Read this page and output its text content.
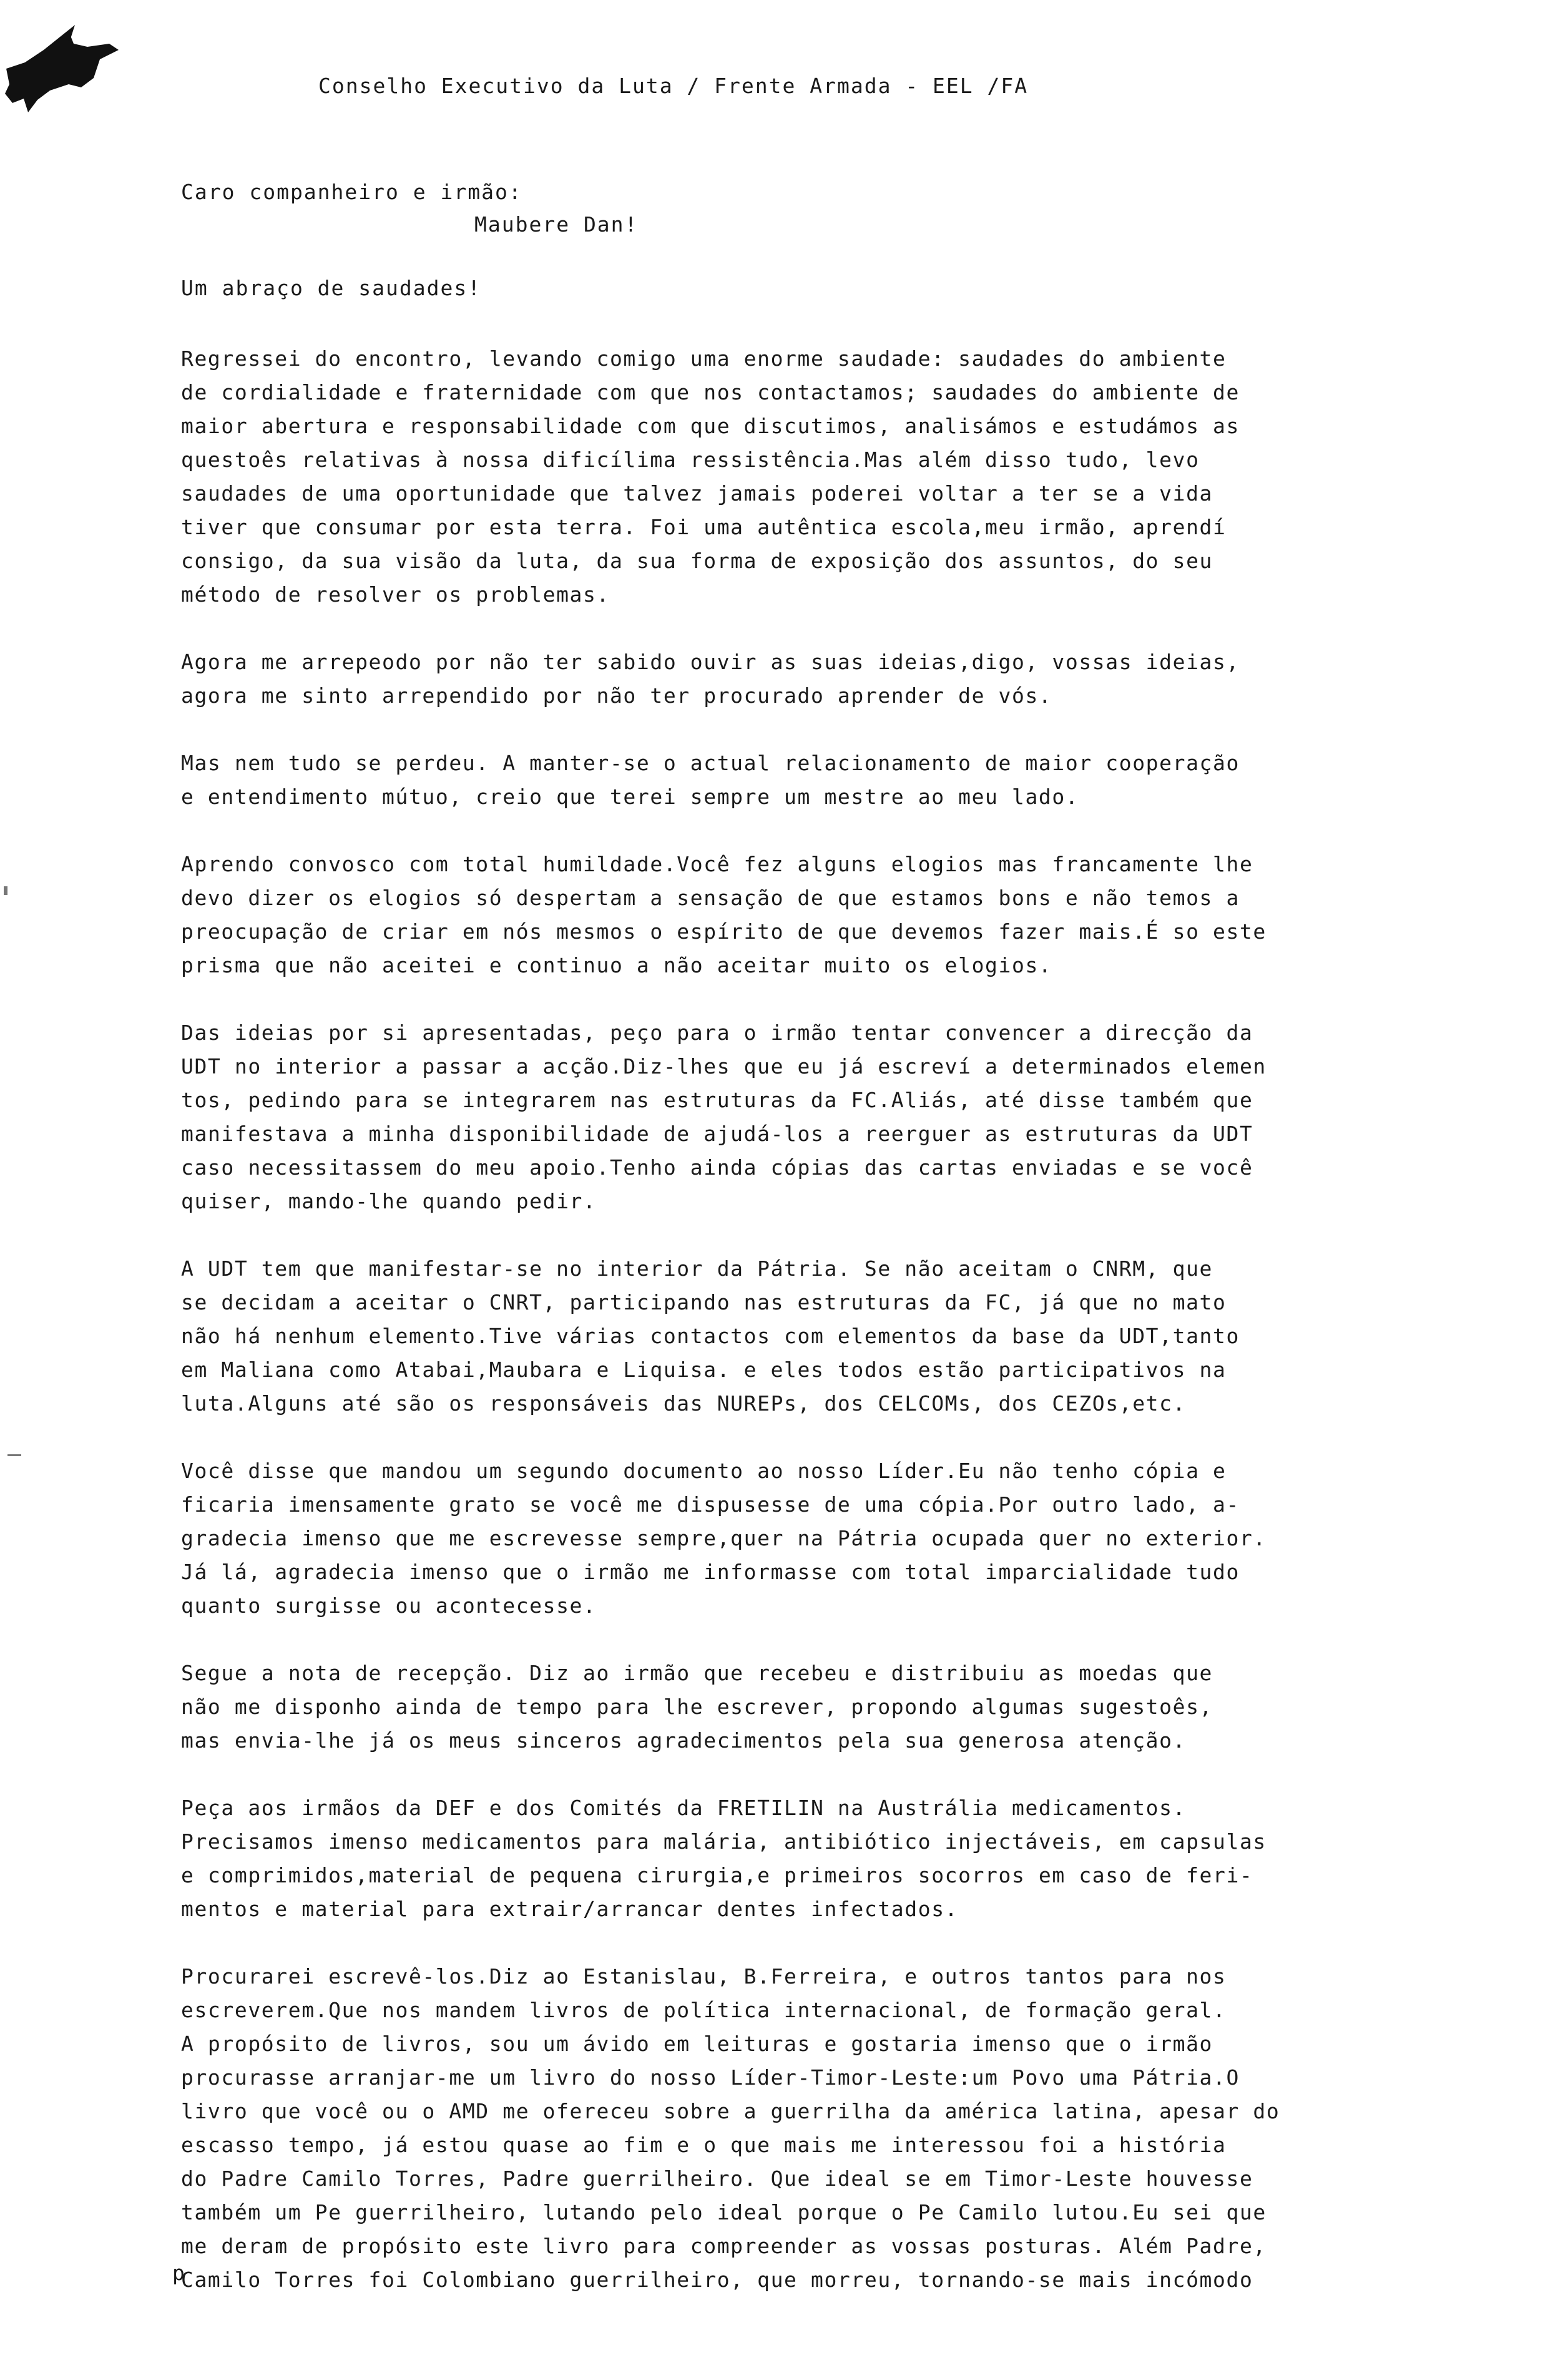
Conselho Executivo da Luta / Frente Armada - EEL /FA
Caro companheiro e irmão:
Maubere Dan!
Um abraço de saudades!
Regressei do encontro, levando comigo uma enorme saudade: saudades do ambiente
de cordialidade e fraternidade com que nos contactamos; saudades do ambiente de
maior abertura e responsabilidade com que discutimos, analisámos e estudámos as
questoês relativas à nossa dificílima ressistência.Mas além disso tudo, levo
saudades de uma oportunidade que talvez jamais poderei voltar a ter se a vida
tiver que consumar por esta terra. Foi uma autêntica escola,meu irmão, aprendí
consigo, da sua visão da luta, da sua forma de exposição dos assuntos, do seu
método de resolver os problemas.
Agora me arrepeodo por não ter sabido ouvir as suas ideias,digo, vossas ideias,
agora me sinto arrependido por não ter procurado aprender de vós.
Mas nem tudo se perdeu. A manter-se o actual relacionamento de maior cooperação
e entendimento mútuo, creio que terei sempre um mestre ao meu lado.
Aprendo convosco com total humildade.Você fez alguns elogios mas francamente lhe
devo dizer os elogios só despertam a sensação de que estamos bons e não temos a
preocupação de criar em nós mesmos o espírito de que devemos fazer mais.É so este
prisma que não aceitei e continuo a não aceitar muito os elogios.
Das ideias por si apresentadas, peço para o irmão tentar convencer a direcção da
UDT no interior a passar a acção.Diz-lhes que eu já escreví a determinados elemen
tos, pedindo para se integrarem nas estruturas da FC.Aliás, até disse também que
manifestava a minha disponibilidade de ajudá-los a reerguer as estruturas da UDT
caso necessitassem do meu apoio.Tenho ainda cópias das cartas enviadas e se você
quiser, mando-lhe quando pedir.
A UDT tem que manifestar-se no interior da Pátria. Se não aceitam o CNRM, que
se decidam a aceitar o CNRT, participando nas estruturas da FC, já que no mato
não há nenhum elemento.Tive várias contactos com elementos da base da UDT,tanto
em Maliana como Atabai,Maubara e Liquisa. e eles todos estão participativos na
luta.Alguns até são os responsáveis das NUREPs, dos CELCOMs, dos CEZOs,etc.
Você disse que mandou um segundo documento ao nosso Líder.Eu não tenho cópia e
ficaria imensamente grato se você me dispusesse de uma cópia.Por outro lado, a-
gradecia imenso que me escrevesse sempre,quer na Pátria ocupada quer no exterior.
Já lá, agradecia imenso que o irmão me informasse com total imparcialidade tudo
quanto surgisse ou acontecesse.
Segue a nota de recepção. Diz ao irmão que recebeu e distribuiu as moedas que
não me disponho ainda de tempo para lhe escrever, propondo algumas sugestoês,
mas envia-lhe já os meus sinceros agradecimentos pela sua generosa atenção.
Peça aos irmãos da DEF e dos Comités da FRETILIN na Austrália medicamentos.
Precisamos imenso medicamentos para malária, antibiótico injectáveis, em capsulas
e comprimidos,material de pequena cirurgia,e primeiros socorros em caso de feri-
mentos e material para extrair/arrancar dentes infectados.
Procurarei escrevê-los.Diz ao Estanislau, B.Ferreira, e outros tantos para nos
escreverem.Que nos mandem livros de política internacional, de formação geral.
A propósito de livros, sou um ávido em leituras e gostaria imenso que o irmão
procurasse arranjar-me um livro do nosso Líder-Timor-Leste:um Povo uma Pátria.O
livro que você ou o AMD me ofereceu sobre a guerrilha da américa latina, apesar do
escasso tempo, já estou quase ao fim e o que mais me interessou foi a história
do Padre Camilo Torres, Padre guerrilheiro. Que ideal se em Timor-Leste houvesse
também um Pe guerrilheiro, lutando pelo ideal porque o Pe Camilo lutou.Eu sei que
me deram de propósito este livro para compreender as vossas posturas. Além Padre,
Camilo Torres foi Colombiano guerrilheiro, que morreu, tornando-se mais incómodo
p
